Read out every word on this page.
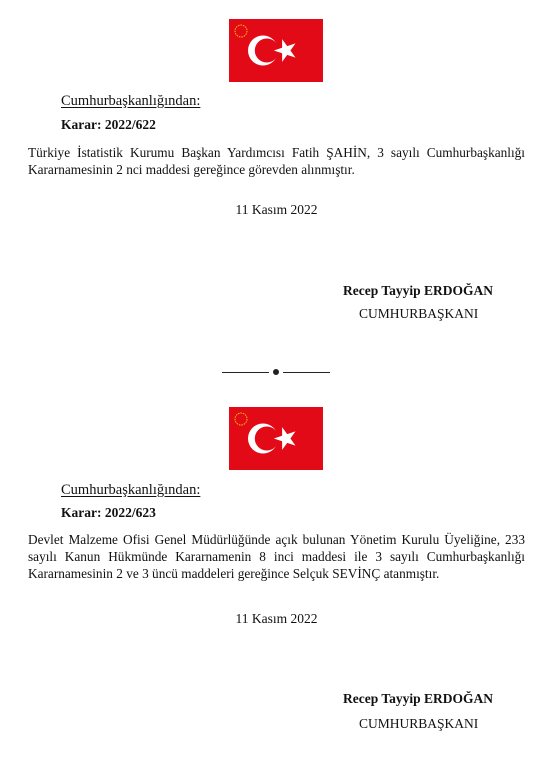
Cumhurbaşkanlığından:
Karar: 2022/622
Türkiye İstatistik Kurumu Başkan Yardımcısı Fatih ŞAHİN, 3 sayılı Cumhurbaşkanlığı Kararnamesinin 2 nci maddesi gereğince görevden alınmıştır.
11 Kasım 2022
Recep Tayyip ERDOĞAN
CUMHURBAŞKANI
Cumhurbaşkanlığından:
Karar: 2022/623
Devlet Malzeme Ofisi Genel Müdürlüğünde açık bulunan Yönetim Kurulu Üyeliğine, 233 sayılı Kanun Hükmünde Kararnamenin 8 inci maddesi ile 3 sayılı Cumhurbaşkanlığı Kararnamesinin 2 ve 3 üncü maddeleri gereğince Selçuk SEVİNÇ atanmıştır.
11 Kasım 2022
Recep Tayyip ERDOĞAN
CUMHURBAŞKANI
